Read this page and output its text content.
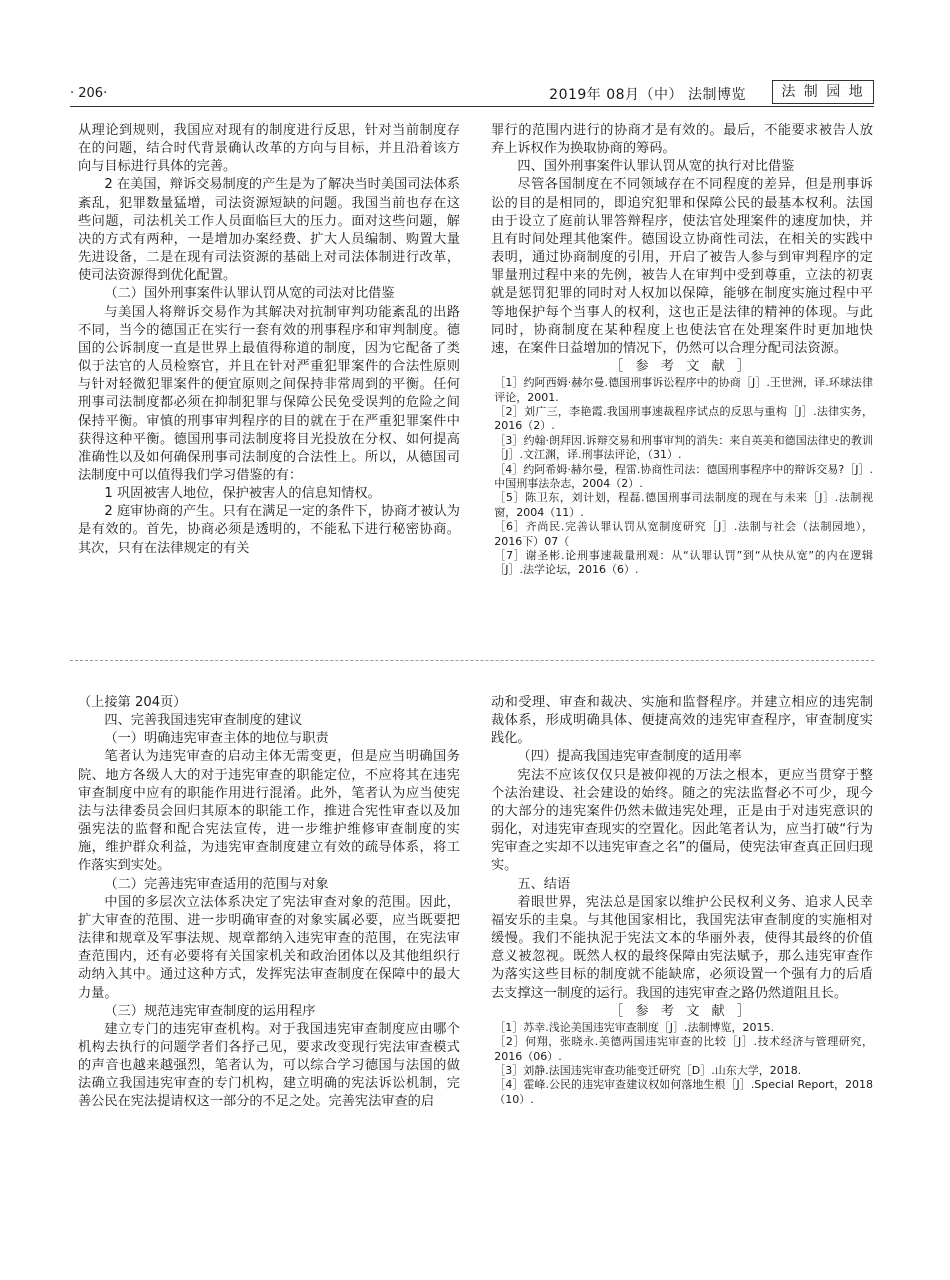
· 206·	2019年 08月（中） 法制博览	法 制 园 地

从理论到规则，我国应对现有的制度进行反思，针对当前制度存在的问题，结合时代背景确认改革的方向与目标，并且沿着该方向与目标进行具体的完善。

2 在美国，辩诉交易制度的产生是为了解决当时美国司法体系紊乱，犯罪数量猛增，司法资源短缺的问题。我国当前也存在这些问题，司法机关工作人员面临巨大的压力。面对这些问题，解决的方式有两种，一是增加办案经费、扩大人员编制、购置大量先进设备，二是在现有司法资源的基础上对司法体制进行改革，使司法资源得到优化配置。

（二）国外刑事案件认罪认罚从宽的司法对比借鉴

与美国人将辩诉交易作为其解决对抗制审判功能紊乱的出路不同，当今的德国正在实行一套有效的刑事程序和审判制度。德国的公诉制度一直是世界上最值得称道的制度，因为它配备了类似于法官的人员检察官，并且在针对严重犯罪案件的合法性原则与针对轻微犯罪案件的便宜原则之间保持非常周到的平衡。任何刑事司法制度都必须在抑制犯罪与保障公民免受误判的危险之间保持平衡。审慎的刑事审判程序的目的就在于在严重犯罪案件中获得这种平衡。德国刑事司法制度将目光投放在分权、如何提高准确性以及如何确保刑事司法制度的合法性上。所以，从德国司法制度中可以值得我们学习借鉴的有：

1 巩固被害人地位，保护被害人的信息知情权。

2 庭审协商的产生。只有在满足一定的条件下，协商才被认为是有效的。首先，协商必须是透明的，不能私下进行秘密协商。其次，只有在法律规定的有关

罪行的范围内进行的协商才是有效的。最后，不能要求被告人放弃上诉权作为换取协商的筹码。

四、国外刑事案件认罪认罚从宽的执行对比借鉴

尽管各国制度在不同领域存在不同程度的差异，但是刑事诉讼的目的是相同的，即追究犯罪和保障公民的最基本权利。法国由于设立了庭前认罪答辩程序，使法官处理案件的速度加快，并且有时间处理其他案件。德国设立协商性司法，在相关的实践中表明，通过协商制度的引用，开启了被告人参与到审判程序的定罪量刑过程中来的先例，被告人在审判中受到尊重，立法的初衷就是惩罚犯罪的同时对人权加以保障，能够在制度实施过程中平等地保护每个当事人的权利，这也正是法律的精神的体现。与此同时，协商制度在某种程度上也使法官在处理案件时更加地快速，在案件日益增加的情况下，仍然可以合理分配司法资源。

［ 参 考 文 献 ］

［1］约阿西姆·赫尔曼.德国刑事诉讼程序中的协商［J］.王世洲，译.环球法律评论，2001.

［2］刘广三，李艳霞.我国刑事速裁程序试点的反思与重构［J］.法律实务，2016（2）.

［3］约翰·朗拜因.诉辩交易和刑事审判的消失：来自英美和德国法律史的教训［J］.文江渊，译.刑事法评论，（31）.

［4］约阿希姆·赫尔曼，程雷.协商性司法：德国刑事程序中的辩诉交易?［J］.中国刑事法杂志，2004（2）.

［5］陈卫东，刘计划，程磊.德国刑事司法制度的现在与未来［J］.法制视窗，2004（11）.

［6］齐尚民.完善认罪认罚从宽制度研究［J］.法制与社会（法制园地），2016下）07（

［7］谢圣彬.论刑事速裁量刑观：从“认罪认罚”到“从快从宽”的内在逻辑［J］.法学论坛，2016（6）.

（上接第 204页）

四、完善我国违宪审查制度的建议

（一）明确违宪审查主体的地位与职责

笔者认为违宪审查的启动主体无需变更，但是应当明确国务院、地方各级人大的对于违宪审查的职能定位，不应将其在违宪审查制度中应有的职能作用进行混淆。此外，笔者认为应当使宪法与法律委员会回归其原本的职能工作，推进合宪性审查以及加强宪法的监督和配合宪法宣传，进一步维护维修审查制度的实施，维护群众利益，为违宪审查制度建立有效的疏导体系，将工作落实到实处。

（二）完善违宪审查适用的范围与对象

中国的多层次立法体系决定了宪法审查对象的范围。因此，扩大审查的范围、进一步明确审查的对象实属必要，应当既要把法律和规章及军事法规、规章都纳入违宪审查的范围，在宪法审查范围内，还有必要将有关国家机关和政治团体以及其他组织行动纳入其中。通过这种方式，发挥宪法审查制度在保障中的最大力量。

（三）规范违宪审查制度的运用程序

建立专门的违宪审查机构。对于我国违宪审查制度应由哪个机构去执行的问题学者们各抒己见，要求改变现行宪法审查模式的声音也越来越强烈，笔者认为，可以综合学习德国与法国的做法确立我国违宪审查的专门机构，建立明确的宪法诉讼机制，完善公民在宪法提请权这一部分的不足之处。完善宪法审查的启

动和受理、审查和裁决、实施和监督程序。并建立相应的违宪制裁体系，形成明确具体、便捷高效的违宪审查程序，审查制度实践化。

（四）提高我国违宪审查制度的适用率

宪法不应该仅仅只是被仰视的万法之根本，更应当贯穿于整个法治建设、社会建设的始终。随之的宪法监督必不可少，现今的大部分的违宪案件仍然未做违宪处理，正是由于对违宪意识的弱化，对违宪审查现实的空置化。因此笔者认为，应当打破“行为宪审查之实却不以违宪审查之名”的僵局，使宪法审查真正回归现实。

五、结语

着眼世界，宪法总是国家以维护公民权利义务、追求人民幸福安乐的圭臬。与其他国家相比，我国宪法审查制度的实施相对缓慢。我们不能执泥于宪法文本的华丽外表，使得其最终的价值意义被忽视。既然人权的最终保障由宪法赋予，那么违宪审查作为落实这些目标的制度就不能缺席，必须设置一个强有力的后盾去支撑这一制度的运行。我国的违宪审查之路仍然道阻且长。

［ 参 考 文 献 ］

［1］苏幸.浅论美国违宪审查制度［J］.法制博览，2015.

［2］何翔，张晓永.美德两国违宪审查的比较［J］.技术经济与管理研究，2016（06）.

［3］刘静.法国违宪审查功能变迁研究［D］.山东大学，2018.

［4］霍峰.公民的违宪审查建议权如何落地生根［J］.Special Report，2018（10）.
